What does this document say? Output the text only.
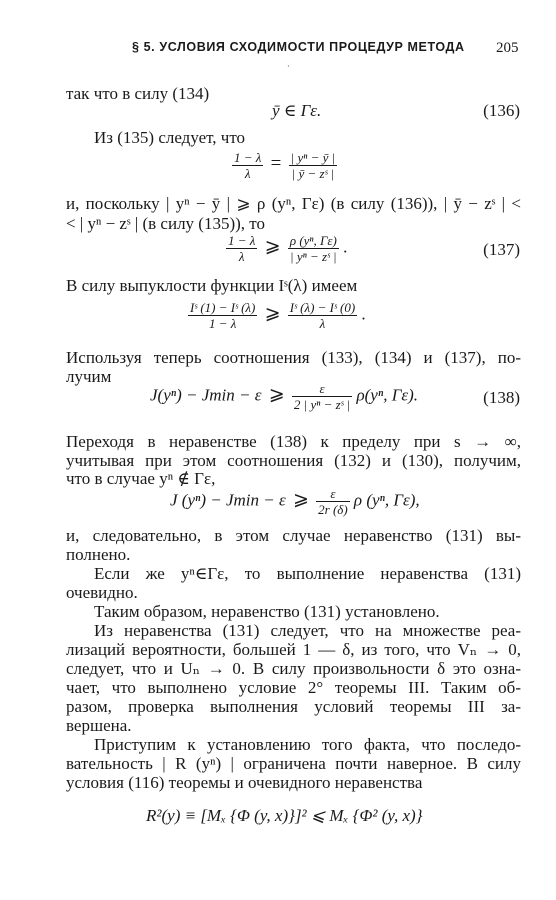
§ 5. УСЛОВИЯ СХОДИМОСТИ ПРОЦЕДУР МЕТОДА 205
·
так что в силу (134)
ȳ ∈ Γε.	(136)
Из (135) следует, что
$\frac{1 - \lambda}{\lambda} = \frac{\text{| yⁿ − ȳ |}}{\text{| ȳ − zˢ |}}$
и, поскольку | yⁿ − ȳ | ⩾ ρ (yⁿ, Γε) (в силу (136)), | ȳ − zˢ | <
< | yⁿ − zˢ | (в силу (135)), то
$\frac{1 - \lambda}{\lambda}$ ⩾ $\frac{\text{ρ (yⁿ, Γε)}}{\text{| yⁿ − zˢ |}}$ .	(137)
В силу выпуклости функции Iˢ(λ) имеем
$\frac{\text{Iˢ (1) − Iˢ (λ)}}{1 - \lambda}$ ⩾ $\frac{\text{Iˢ (λ) − Iˢ (0)}}{\lambda}$ .
Используя теперь соотношения (133), (134) и (137), по-
лучим
J(yⁿ) − Jmin − ε ⩾ $\frac{\varepsilon}{\text{2 | yⁿ − zˢ |}} \rho(y^n$, Γε).	(138)
Переходя в неравенстве (138) к пределу при s → ∞,
учитывая при этом соотношения (132) и (130), получим,
что в случае yⁿ ∉ Γε,
J (yⁿ) − Jmin − ε ⩾ $\frac{\varepsilon}{2r (\delta)}$ ρ (yⁿ, Γε),
и, следовательно, в этом случае неравенство (131) вы-
полнено.
Если же yⁿ∈Γε, то выполнение неравенства (131)
очевидно.
Таким образом, неравенство (131) установлено.
Из неравенства (131) следует, что на множестве реа-
лизаций вероятности, большей 1 — δ, из того, что Vₙ → 0,
следует, что и Uₙ → 0. В силу произвольности δ это озна-
чает, что выполнено условие 2° теоремы III. Таким об-
разом, проверка выполнения условий теоремы III за-
вершена.
Приступим к установлению того факта, что последо-
вательность | R (yⁿ) | ограничена почти наверное. В силу
условия (116) теоремы и очевидного неравенства
R²(y) ≡ [Mₓ {Φ (y, x)}]² ⩽ Mₓ {Φ² (y, x)}
